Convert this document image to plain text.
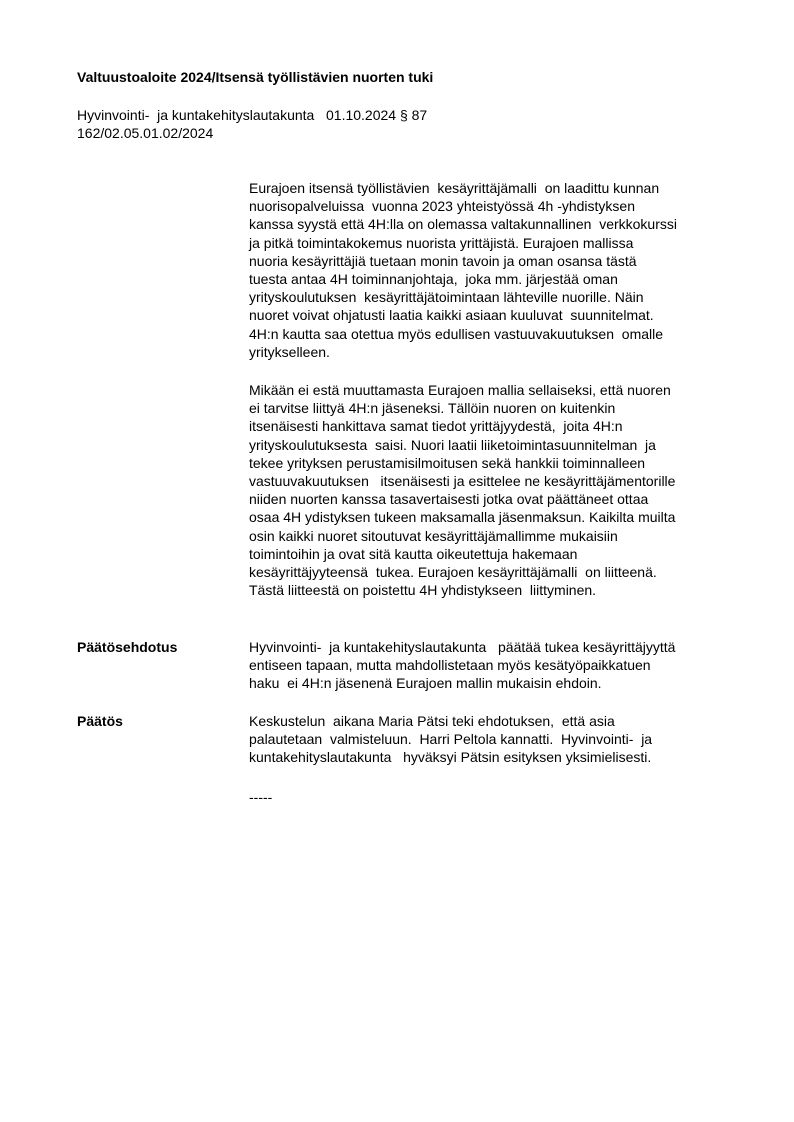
Valtuustoaloite 2024/Itsensä työllistävien nuorten tuki
Hyvinvointi-  ja kuntakehityslautakunta   01.10.2024 § 87
162/02.05.01.02/2024
Eurajoen itsensä työllistävien  kesäyrittäjämalli  on laadittu kunnan
nuorisopalveluissa  vuonna 2023 yhteistyössä 4h -yhdistyksen
kanssa syystä että 4H:lla on olemassa valtakunnallinen  verkkokurssi
ja pitkä toimintakokemus nuorista yrittäjistä. Eurajoen mallissa
nuoria kesäyrittäjiä tuetaan monin tavoin ja oman osansa tästä
tuesta antaa 4H toiminnanjohtaja,  joka mm. järjestää oman
yrityskoulutuksen  kesäyrittäjätoimintaan lähteville nuorille. Näin
nuoret voivat ohjatusti laatia kaikki asiaan kuuluvat  suunnitelmat.
4H:n kautta saa otettua myös edullisen vastuuvakuutuksen  omalle
yritykselleen.
Mikään ei estä muuttamasta Eurajoen mallia sellaiseksi, että nuoren
ei tarvitse liittyä 4H:n jäseneksi. Tällöin nuoren on kuitenkin
itsenäisesti hankittava samat tiedot yrittäjyydestä,  joita 4H:n
yrityskoulutuksesta  saisi. Nuori laatii liiketoimintasuunnitelman  ja
tekee yrityksen perustamisilmoitusen sekä hankkii toiminnalleen
vastuuvakuutuksen   itsenäisesti ja esittelee ne kesäyrittäjämentorille
niiden nuorten kanssa tasavertaisesti jotka ovat päättäneet ottaa
osaa 4H ydistyksen tukeen maksamalla jäsenmaksun. Kaikilta muilta
osin kaikki nuoret sitoutuvat kesäyrittäjämallimme mukaisiin
toimintoihin ja ovat sitä kautta oikeutettuja hakemaan
kesäyrittäjyyteensä  tukea. Eurajoen kesäyrittäjämalli  on liitteenä.
Tästä liitteestä on poistettu 4H yhdistykseen  liittyminen.
Päätösehdotus	Hyvinvointi-  ja kuntakehityslautakunta   päätää tukea kesäyrittäjyyttä
entiseen tapaan, mutta mahdollistetaan myös kesätyöpaikkatuen
haku  ei 4H:n jäsenenä Eurajoen mallin mukaisin ehdoin.
Päätös	Keskustelun  aikana Maria Pätsi teki ehdotuksen,  että asia
palautetaan  valmisteluun.  Harri Peltola kannatti.  Hyvinvointi-  ja
kuntakehityslautakunta   hyväksyi Pätsin esityksen yksimielisesti.
-----
